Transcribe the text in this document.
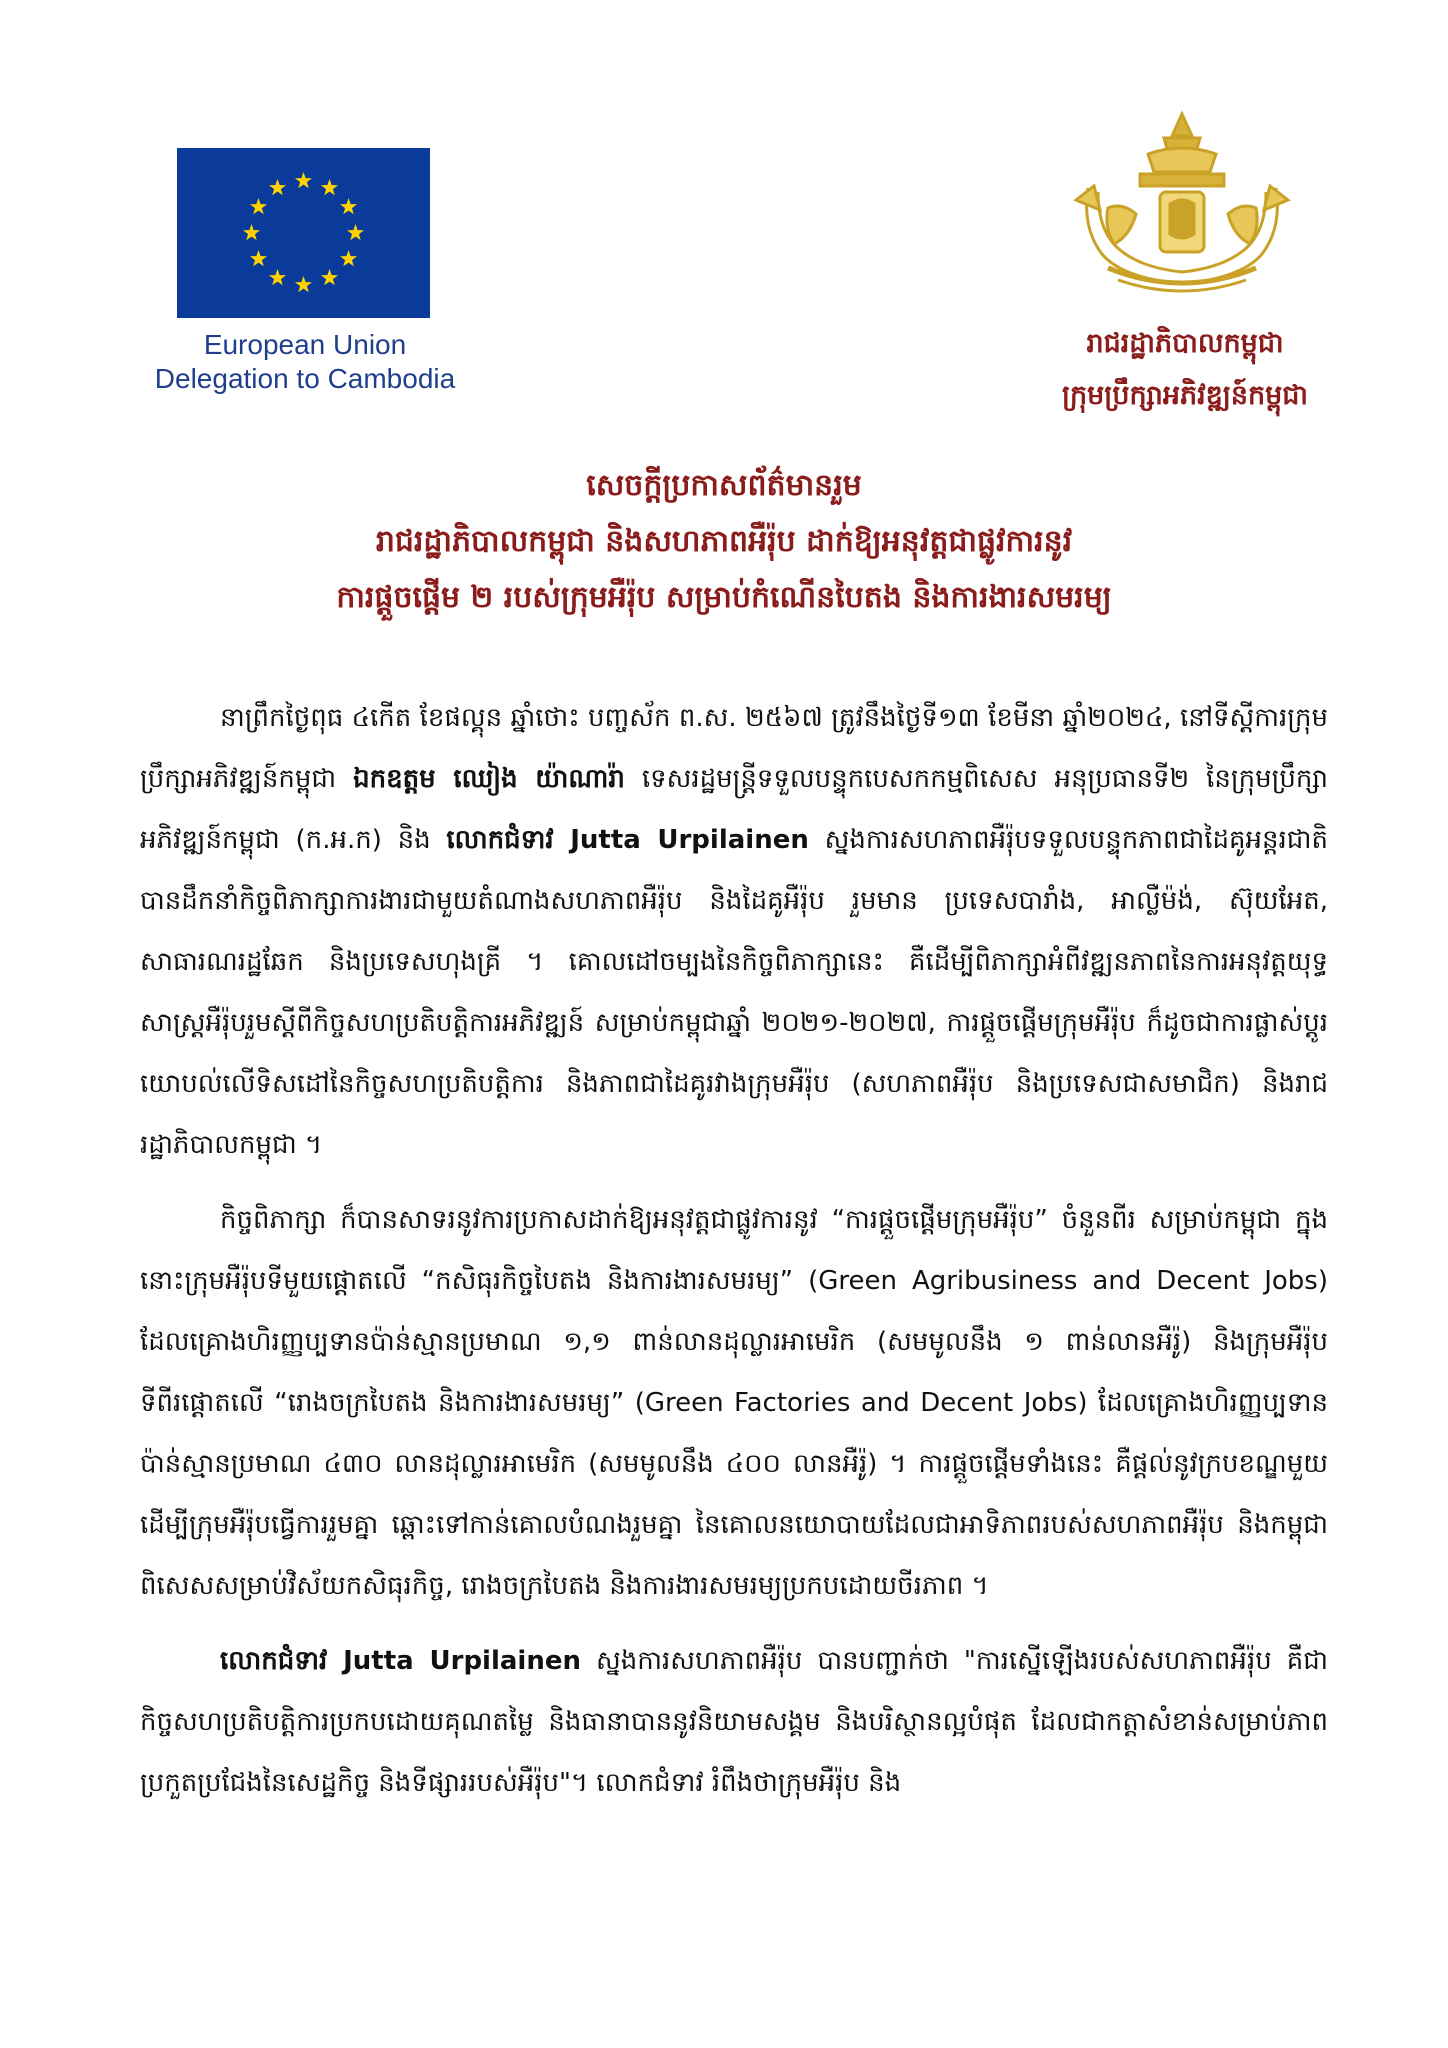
European Union
Delegation to Cambodia
រាជរដ្ឋាភិបាលកម្ពុជា
ក្រុមប្រឹក្សាអភិវឌ្ឍន៍កម្ពុជា
សេចក្តីប្រកាសព័ត៌មានរួម
រាជរដ្ឋាភិបាលកម្ពុជា និងសហភាពអឺរ៉ុប ដាក់ឱ្យអនុវត្តជាផ្លូវការនូវ
ការផ្តួចផ្តើម ២ របស់ក្រុមអឺរ៉ុប សម្រាប់កំណើនបៃតង និងការងារសមរម្យ

នាព្រឹកថ្ងៃពុធ ៤កើត ខែផល្គុន ឆ្នាំថោះ បញ្ចស័ក ព.ស. ២៥៦៧ ត្រូវនឹងថ្ងៃទី១៣ ខែមីនា ឆ្នាំ២០២៤, នៅទីស្តីការក្រុមប្រឹក្សាអភិវឌ្ឍន៍កម្ពុជា ឯកឧត្តម ឈៀង យ៉ាណារ៉ា ទេសរដ្ឋមន្ត្រីទទួលបន្ទុកបេសកកម្មពិសេស អនុប្រធានទី២ នៃក្រុមប្រឹក្សាអភិវឌ្ឍន៍កម្ពុជា (ក.អ.ក) និង លោកជំទាវ Jutta Urpilainen ស្នងការសហភាពអឺរ៉ុបទទួលបន្ទុកភាពជាដៃគូអន្តរជាតិ បានដឹកនាំកិច្ចពិភាក្សាការងារជាមួយតំណាងសហភាពអឺរ៉ុប និងដៃគូអឺរ៉ុប រួមមាន ប្រទេសបារាំង, អាល្លឺម៉ង់, ស៊ុយអែត, សាធារណរដ្ឋឆែក និងប្រទេសហុងគ្រី ។ គោលដៅចម្បងនៃកិច្ចពិភាក្សានេះ គឺដើម្បីពិភាក្សាអំពីវឌ្ឍនភាពនៃការអនុវត្តយុទ្ធសាស្ត្រអឺរ៉ុបរួមស្តីពីកិច្ចសហប្រតិបត្តិការអភិវឌ្ឍន៍ សម្រាប់កម្ពុជាឆ្នាំ ២០២១-២០២៧, ការផ្តួចផ្តើមក្រុមអឺរ៉ុប ក៏ដូចជាការផ្លាស់ប្តូរយោបល់លើទិសដៅនៃកិច្ចសហប្រតិបត្តិការ និងភាពជាដៃគូរវាងក្រុមអឺរ៉ុប (សហភាពអឺរ៉ុប និងប្រទេសជាសមាជិក) និងរាជរដ្ឋាភិបាលកម្ពុជា ។

កិច្ចពិភាក្សា ក៏បានសាទរនូវការប្រកាសដាក់ឱ្យអនុវត្តជាផ្លូវការនូវ “ការផ្តួចផ្តើមក្រុមអឺរ៉ុប” ចំនួនពីរ សម្រាប់កម្ពុជា ក្នុងនោះក្រុមអឺរ៉ុបទីមួយផ្តោតលើ “កសិធុរកិច្ចបៃតង និងការងារសមរម្យ” (Green Agribusiness and Decent Jobs) ដែលគ្រោងហិរញ្ញប្បទានប៉ាន់ស្មានប្រមាណ ១,១ ពាន់លានដុល្លារអាមេរិក (សមមូលនឹង ១ ពាន់លានអឺរ៉ូ) និងក្រុមអឺរ៉ុបទីពីរផ្តោតលើ “រោងចក្របៃតង និងការងារសមរម្យ” (Green Factories and Decent Jobs) ដែលគ្រោងហិរញ្ញប្បទានប៉ាន់ស្មានប្រមាណ ៤៣០ លានដុល្លារអាមេរិក (សមមូលនឹង ៤០០ លានអឺរ៉ូ) ។ ការផ្តួចផ្តើមទាំងនេះ គឺផ្តល់នូវក្របខណ្ឌមួយដើម្បីក្រុមអឺរ៉ុបធ្វើការរួមគ្នា ឆ្ពោះទៅកាន់គោលបំណងរួមគ្នា នៃគោលនយោបាយដែលជាអាទិភាពរបស់សហភាពអឺរ៉ុប និងកម្ពុជា ពិសេសសម្រាប់វិស័យកសិធុរកិច្ច, រោងចក្របៃតង និងការងារសមរម្យប្រកបដោយចីរភាព ។

លោកជំទាវ Jutta Urpilainen ស្នងការសហភាពអឺរ៉ុប បានបញ្ជាក់ថា "ការស្នើឡើងរបស់សហភាពអឺរ៉ុប គឺជាកិច្ចសហប្រតិបត្តិការប្រកបដោយគុណតម្លៃ និងធានាបាននូវនិយាមសង្គម និងបរិស្ថានល្អបំផុត ដែលជាកត្តាសំខាន់សម្រាប់ភាពប្រកួតប្រជែងនៃសេដ្ឋកិច្ច និងទីផ្សាររបស់អឺរ៉ុប"។ លោកជំទាវ រំពឹងថាក្រុមអឺរ៉ុប និង
